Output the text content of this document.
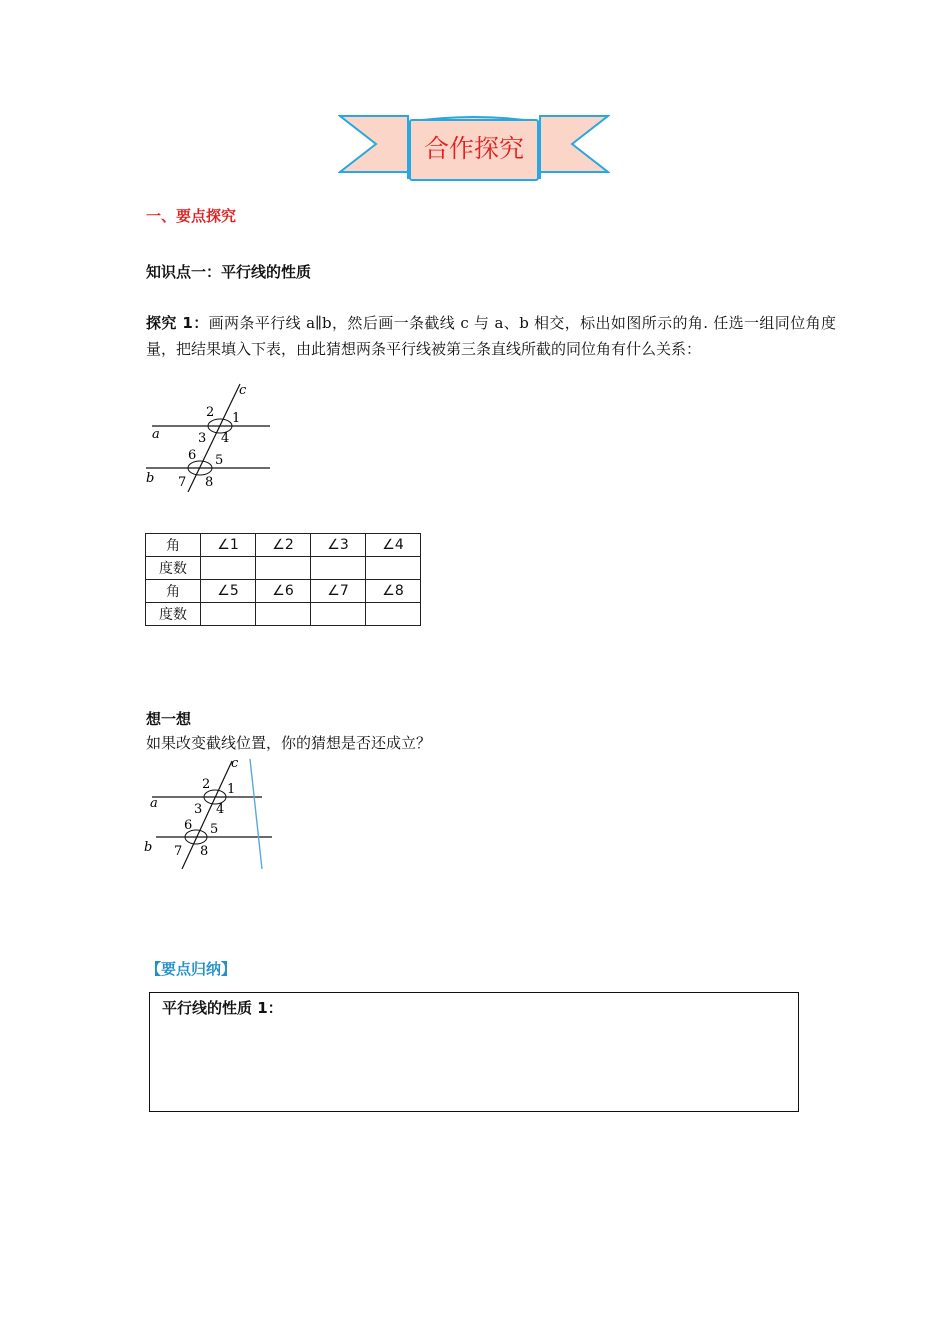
合作探究
一、要点探究
知识点一：平行线的性质
探究 1：画两条平行线 a∥b，然后画一条截线 c 与 a、b 相交，标出如图所示的角. 任选一组同位角度量，把结果填入下表，由此猜想两条平行线被第三条直线所截的同位角有什么关系：
c
a
b
2 1
3 4
6 5
7 8
角	∠1	∠2	∠3	∠4
度数				
角	∠5	∠6	∠7	∠8
度数				
想一想
如果改变截线位置，你的猜想是否还成立？
c
a
b
2 1
3 4
6 5
7 8
【要点归纳】
平行线的性质 1：
